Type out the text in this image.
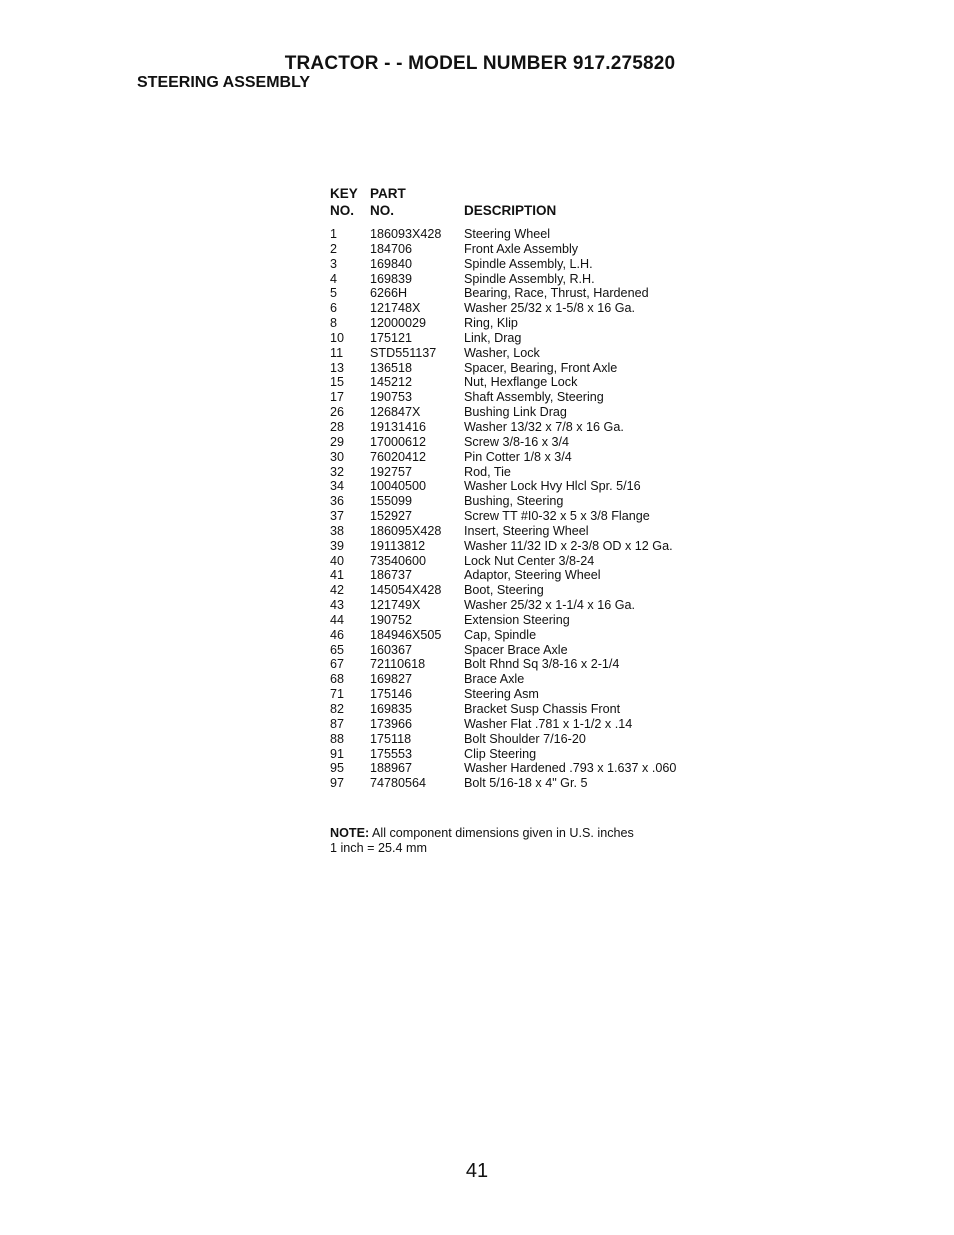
TRACTOR - - MODEL NUMBER 917.275820
STEERING ASSEMBLY
KEY PART
NO. NO.	DESCRIPTION
1	186093X428 Steering Wheel
2	184706	Front Axle Assembly
3	169840	Spindle Assembly, L.H.
4	169839	Spindle Assembly, R.H.
5	6266H	Bearing, Race, Thrust, Hardened
6	121748X	Washer 25/32 x 1-5/8 x 16 Ga.
8	12000029	Ring, Klip
10 175121	Link, Drag
11 STD551137 Washer, Lock
13 136518	Spacer, Bearing, Front Axle
15 145212	Nut, Hexflange Lock
17 190753	Shaft Assembly, Steering
26 126847X	Bushing Link Drag
28 19131416	Washer 13/32 x 7/8 x 16 Ga.
29 17000612	Screw 3/8-16 x 3/4
30 76020412	Pin Cotter 1/8 x 3/4
32 192757	Rod, Tie
34 10040500	Washer Lock Hvy Hlcl Spr. 5/16
36 155099	Bushing, Steering
37 152927	Screw TT #I0-32 x 5 x 3/8 Flange
38 186095X428 Insert, Steering Wheel
39 19113812	Washer 11/32 ID x 2-3/8 OD x 12 Ga.
40 73540600	Lock Nut Center 3/8-24
41 186737	Adaptor, Steering Wheel
42 145054X428 Boot, Steering
43 121749X	Washer 25/32 x 1-1/4 x 16 Ga.
44 190752	Extension Steering
46 184946X505 Cap, Spindle
65 160367	Spacer Brace Axle
67 72110618	Bolt Rhnd Sq 3/8-16 x 2-1/4
68 169827	Brace Axle
71 175146	Steering Asm
82 169835	Bracket Susp Chassis Front
87 173966	Washer Flat .781 x 1-1/2 x .14
88 175118	Bolt Shoulder 7/16-20
91 175553	Clip Steering
95 188967	Washer Hardened .793 x 1.637 x .060
97 74780564	Bolt 5/16-18 x 4" Gr. 5
NOTE: All component dimensions given in U.S. inches
1 inch = 25.4 mm
41
